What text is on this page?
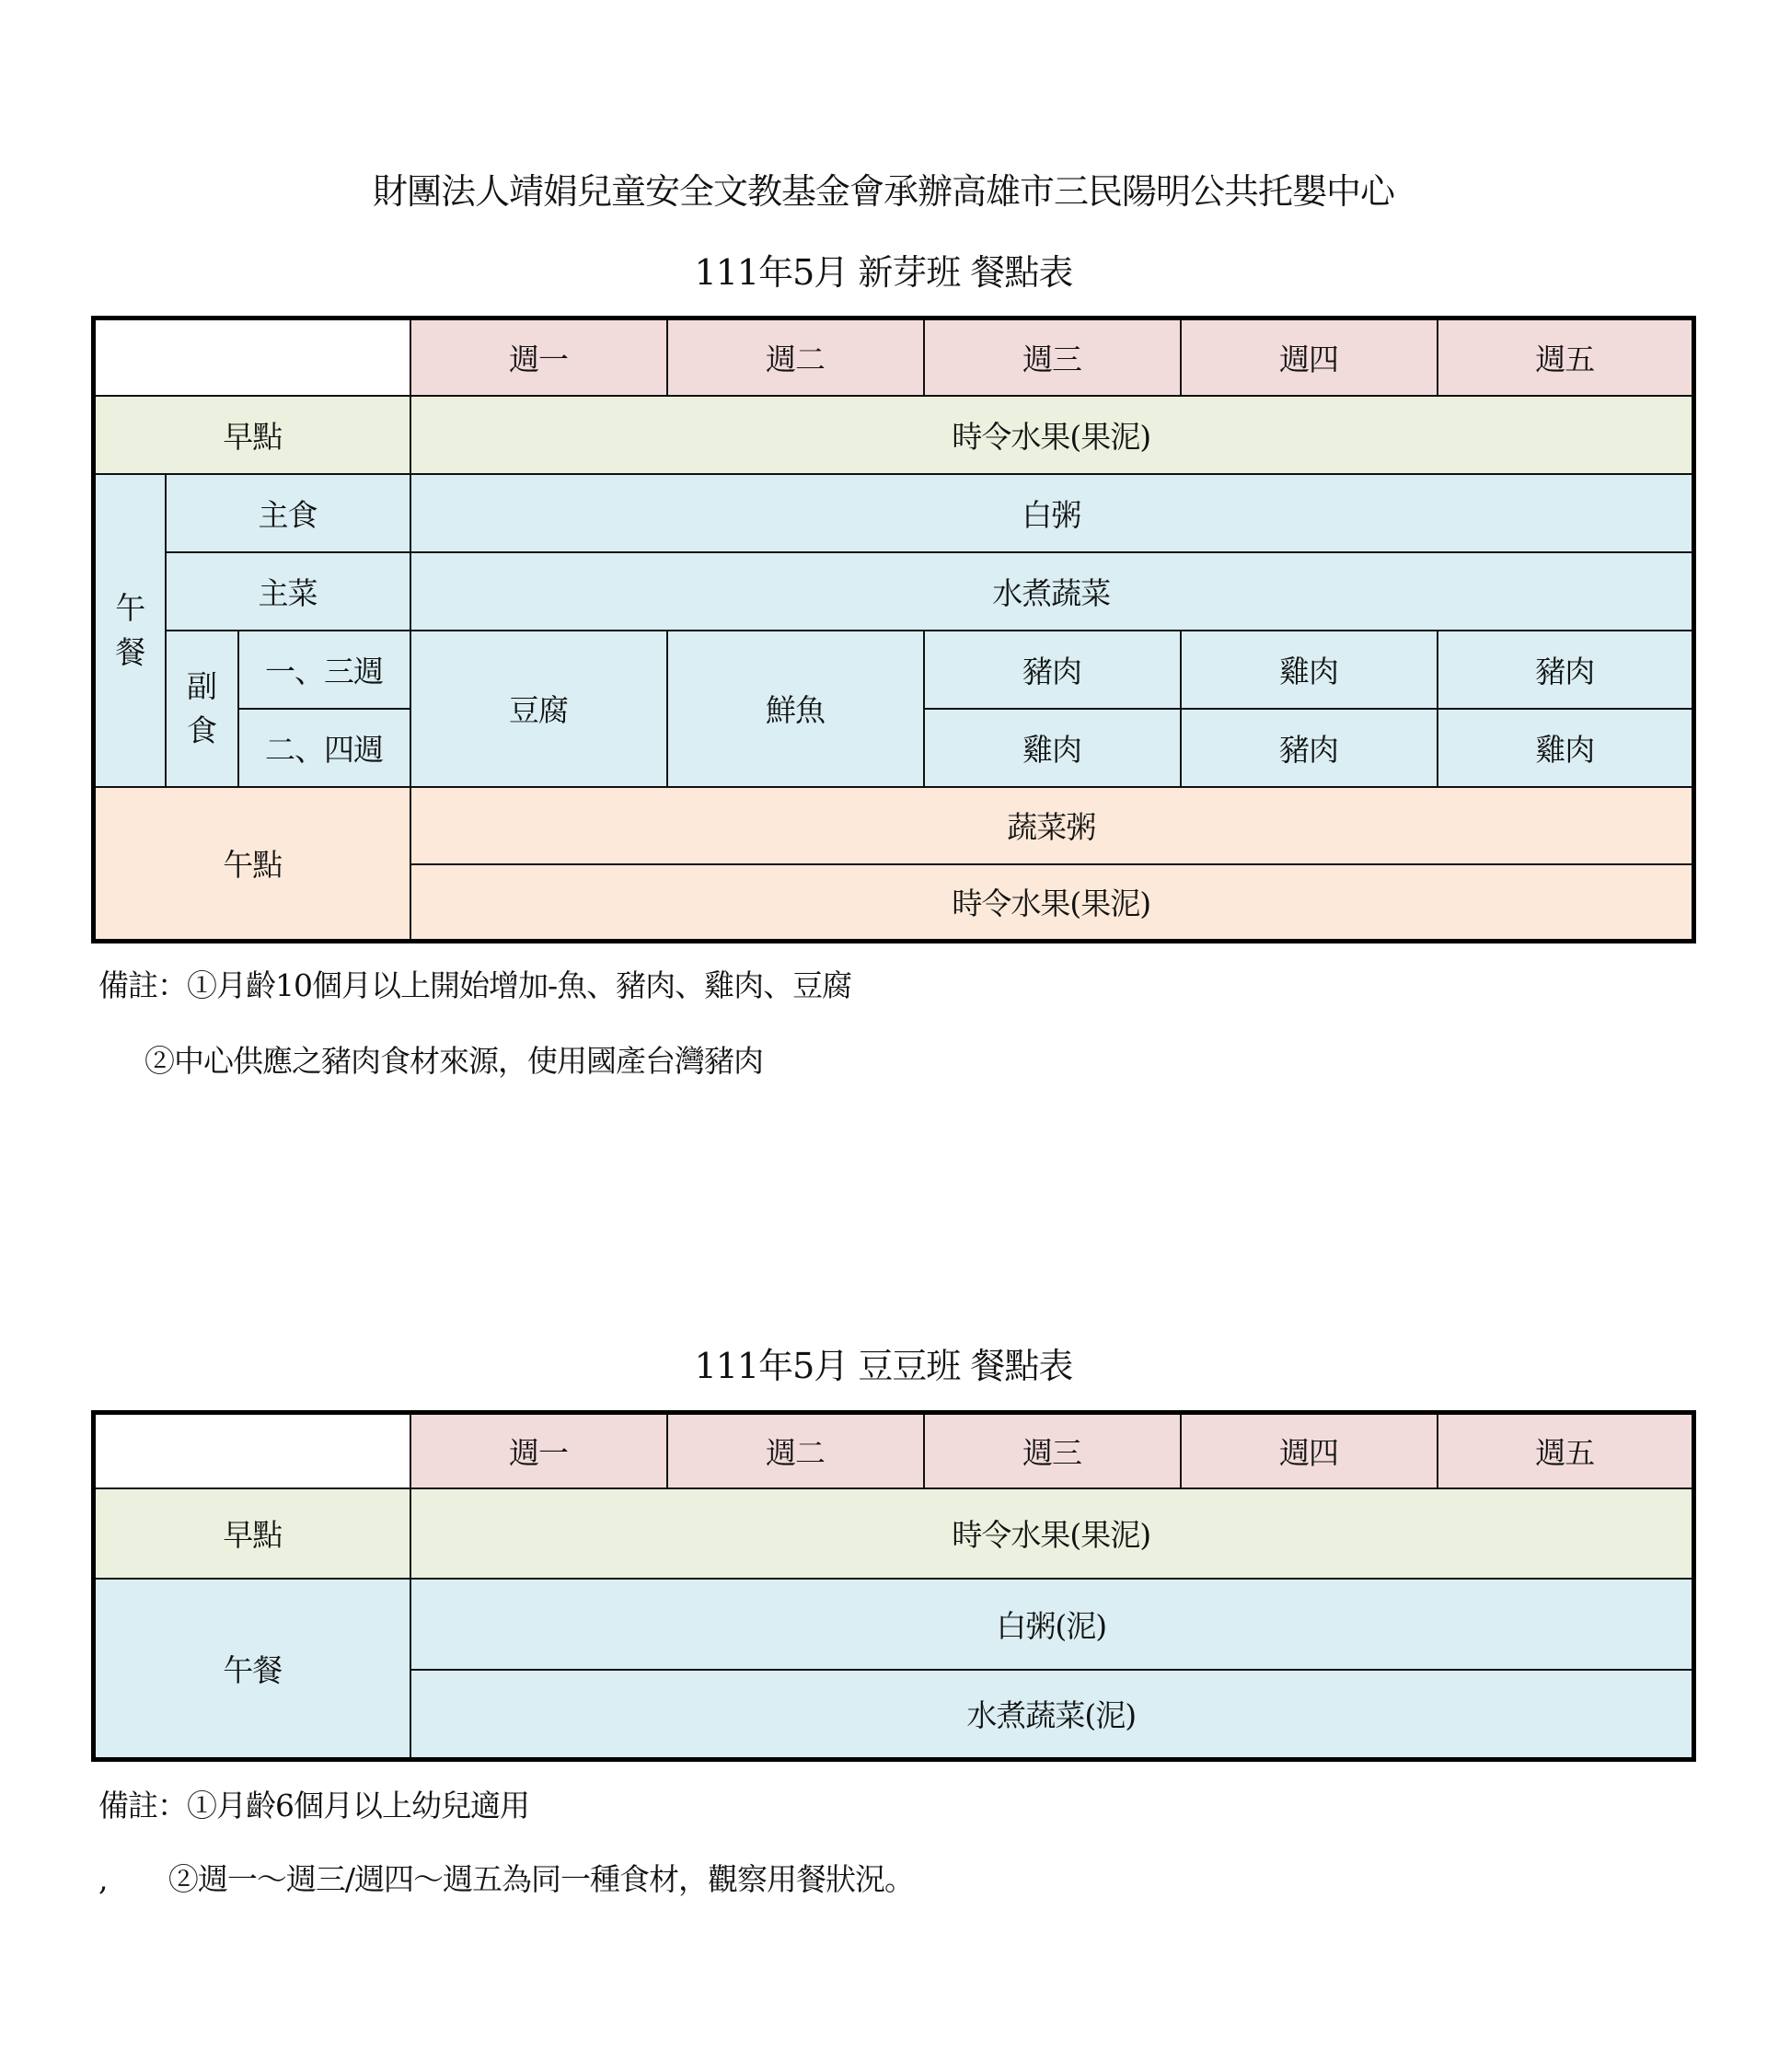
財團法人靖娟兒童安全文教基金會承辦高雄市三民陽明公共托嬰中心
111年5月 新芽班 餐點表
			週一	週二	週三	週四	週五
早點			時令水果(果泥)				

午
餐	主食		白粥				
	主菜		水煮蔬菜				

	副
食	一、三週	豆腐	鮮魚	豬肉	雞肉	豬肉
		二、四週			雞肉	豬肉	雞肉
午點			蔬菜粥				
			時令水果(果泥)				
備註：①月齡10個月以上開始增加-魚、豬肉、雞肉、豆腐
②中心供應之豬肉食材來源，使用國產台灣豬肉
111年5月 豆豆班 餐點表
	週一	週二	週三	週四	週五
早點	時令水果(果泥)				
午餐	白粥(泥)				
	水煮蔬菜(泥)				
備註：①月齡6個月以上幼兒適用
,       ②週一～週三/週四～週五為同一種食材，觀察用餐狀況。
